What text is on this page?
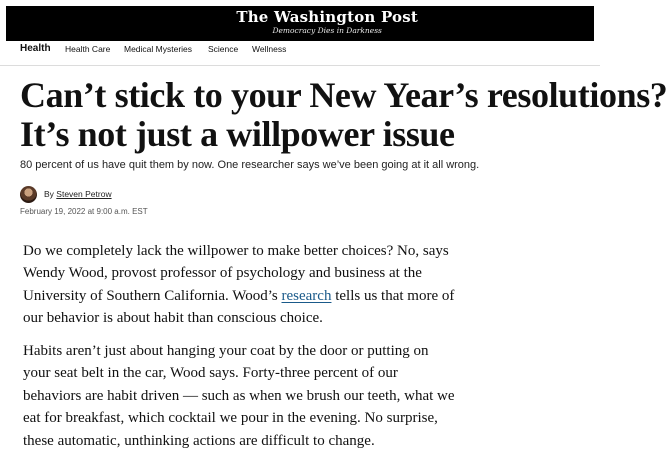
The Washington Post
Democracy Dies in Darkness
Health Health Care Medical Mysteries Science Wellness
Can’t stick to your New Year’s resolutions?
It’s not just a willpower issue

80 percent of us have quit them by now. One researcher says we’ve been going at it all wrong.

By Steven Petrow
February 19, 2022 at 9:00 a.m. EST
Do we completely lack the willpower to make better choices? No, says
Wendy Wood, provost professor of psychology and business at the
University of Southern California. Wood’s research tells us that more of
our behavior is about habit than conscious choice.
Habits aren’t just about hanging your coat by the door or putting on
your seat belt in the car, Wood says. Forty-three percent of our
behaviors are habit driven — such as when we brush our teeth, what we
eat for breakfast, which cocktail we pour in the evening. No surprise,
these automatic, unthinking actions are difficult to change.
